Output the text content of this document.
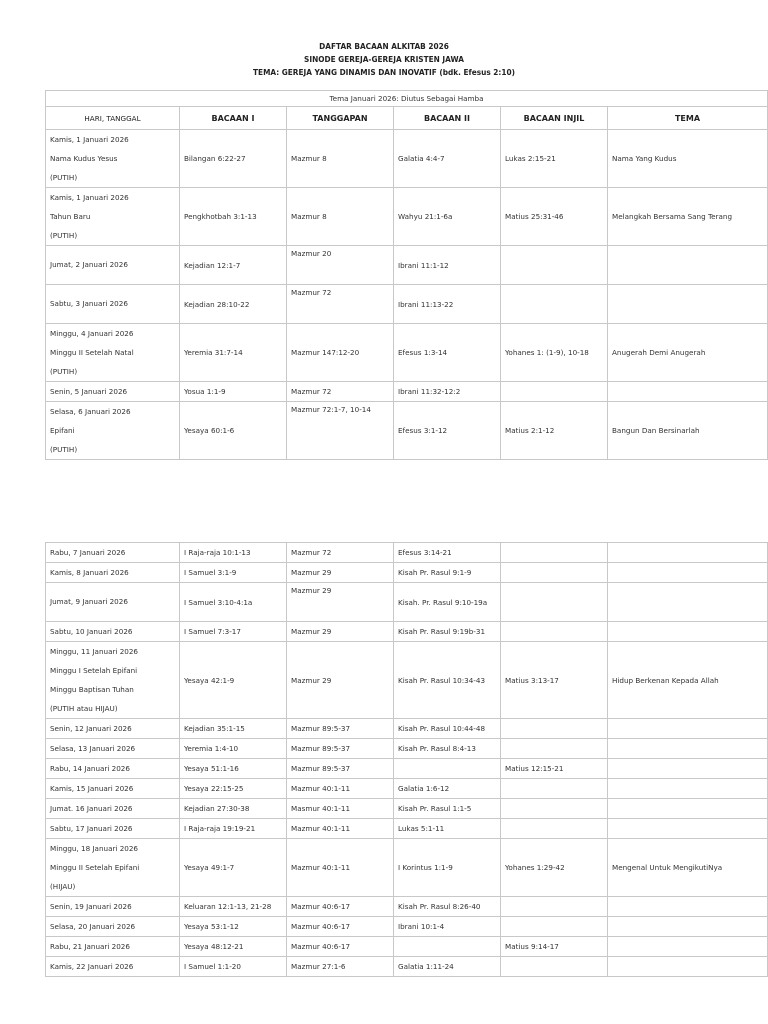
DAFTAR BACAAN ALKITAB 2026
SINODE GEREJA-GEREJA KRISTEN JAWA
TEMA: GEREJA YANG DINAMIS DAN INOVATIF (bdk. Efesus 2:10)
Tema Januari 2026: Diutus Sebagai Hamba					
HARI, TANGGAL	BACAAN I	TANGGAPAN	BACAAN II	BACAAN INJIL	TEMA

Kamis, 1 Januari 2026
Nama Kudus Yesus
(PUTIH)	Bilangan 6:22-27	Mazmur 8	Galatia 4:4-7	Lukas 2:15-21	Nama Yang Kudus

Kamis, 1 Januari 2026
Tahun Baru
(PUTIH)	Pengkhotbah 3:1-13	Mazmur 8	Wahyu 21:1-6a	Matius 25:31-46	Melangkah Bersama Sang Terang

Jumat, 2 Januari 2026	Kejadian 12:1-7	Mazmur 20	Ibrani 11:1-12		

Sabtu, 3 Januari 2026	Kejadian 28:10-22	Mazmur 72	Ibrani 11:13-22		

Minggu, 4 Januari 2026
Minggu II Setelah Natal
(PUTIH)	Yeremia 31:7-14	Mazmur 147:12-20	Efesus 1:3-14	Yohanes 1: (1-9), 10-18	Anugerah Demi Anugerah

Senin, 5 Januari 2026	Yosua 1:1-9	Mazmur 72	Ibrani 11:32-12:2		

Selasa, 6 Januari 2026
Epifani
(PUTIH)	Yesaya 60:1-6	Mazmur 72:1-7, 10-14	Efesus 3:1-12	Matius 2:1-12	Bangun Dan Bersinarlah
Rabu, 7 Januari 2026	I Raja-raja 10:1-13	Mazmur 72	Efesus 3:14-21		

Kamis, 8 Januari 2026	I Samuel 3:1-9	Mazmur 29	Kisah Pr. Rasul 9:1-9		

Jumat, 9 Januari 2026	I Samuel 3:10-4:1a	Mazmur 29	Kisah. Pr. Rasul 9:10-19a		

Sabtu, 10 Januari 2026	I Samuel 7:3-17	Mazmur 29	Kisah Pr. Rasul 9:19b-31		

Minggu, 11 Januari 2026
Minggu I Setelah Epifani
Minggu Baptisan Tuhan
(PUTIH atau HIJAU)	Yesaya 42:1-9	Mazmur 29	Kisah Pr. Rasul 10:34-43	Matius 3:13-17	Hidup Berkenan Kepada Allah

Senin, 12 Januari 2026	Kejadian 35:1-15	Mazmur 89:5-37	Kisah Pr. Rasul 10:44-48		

Selasa, 13 Januari 2026	Yeremia 1:4-10	Mazmur 89:5-37	Kisah Pr. Rasul 8:4-13		

Rabu, 14 Januari 2026	Yesaya 51:1-16	Mazmur 89:5-37		Matius 12:15-21	

Kamis, 15 Januari 2026	Yesaya 22:15-25	Mazmur 40:1-11	Galatia 1:6-12		

Jumat. 16 Januari 2026	Kejadian 27:30-38	Masmur 40:1-11	Kisah Pr. Rasul 1:1-5		

Sabtu, 17 Januari 2026	I Raja-raja 19:19-21	Mazmur 40:1-11	Lukas 5:1-11		

Minggu, 18 Januari 2026
Minggu II Setelah Epifani
(HIJAU)	Yesaya 49:1-7	Mazmur 40:1-11	I Korintus 1:1-9	Yohanes 1:29-42	Mengenal Untuk MengikutiNya

Senin, 19 Januari 2026	Keluaran 12:1-13, 21-28	Mazmur 40:6-17	Kisah Pr. Rasul 8:26-40		

Selasa, 20 Januari 2026	Yesaya 53:1-12	Mazmur 40:6-17	Ibrani 10:1-4		

Rabu, 21 Januari 2026	Yesaya 48:12-21	Mazmur 40:6-17		Matius 9:14-17	

Kamis, 22 Januari 2026	I Samuel 1:1-20	Mazmur 27:1-6	Galatia 1:11-24		
